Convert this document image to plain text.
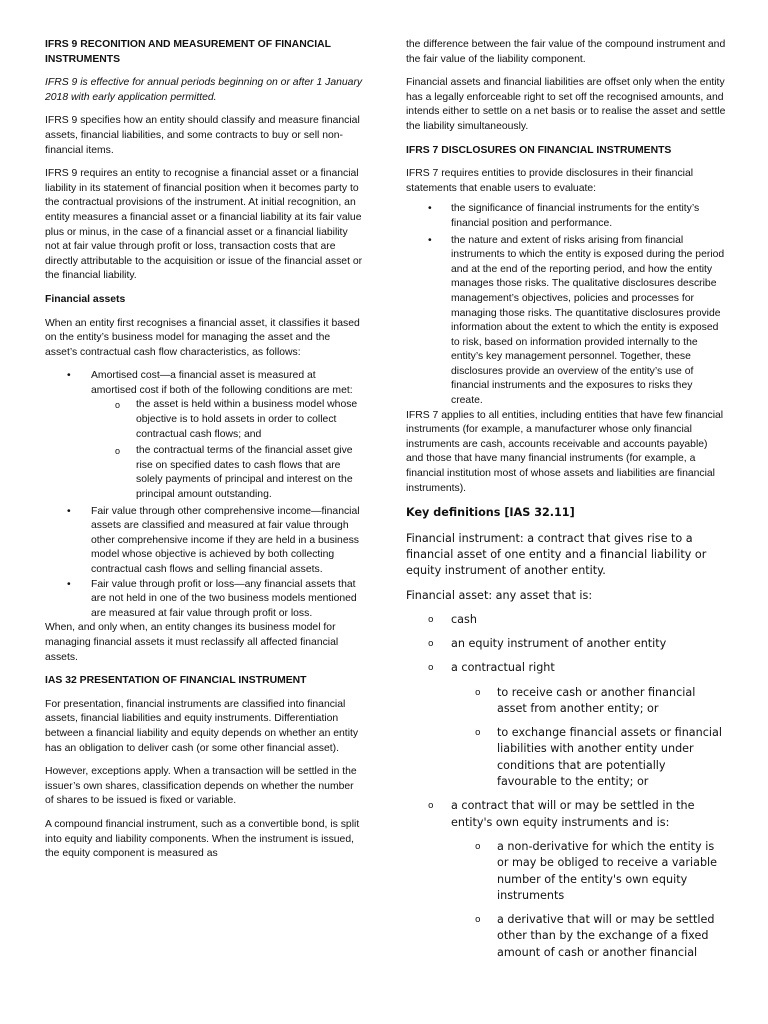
IFRS 9 RECONITION AND MEASUREMENT OF FINANCIAL INSTRUMENTS

IFRS 9 is effective for annual periods beginning on or after 1 January 2018 with early application permitted.

IFRS 9 specifies how an entity should classify and measure financial assets, financial liabilities, and some contracts to buy or sell non-financial items.

IFRS 9 requires an entity to recognise a financial asset or a financial liability in its statement of financial position when it becomes party to the contractual provisions of the instrument. At initial recognition, an entity measures a financial asset or a financial liability at its fair value plus or minus, in the case of a financial asset or a financial liability not at fair value through profit or loss, transaction costs that are directly attributable to the acquisition or issue of the financial asset or the financial liability.

Financial assets

When an entity first recognises a financial asset, it classifies it based on the entity’s business model for managing the asset and the asset’s contractual cash flow characteristics, as follows:

• Amortised cost—a financial asset is measured at amortised cost if both of the following conditions are met:
o the asset is held within a business model whose objective is to hold assets in order to collect contractual cash flows; and
o the contractual terms of the financial asset give rise on specified dates to cash flows that are solely payments of principal and interest on the principal amount outstanding.
• Fair value through other comprehensive income—financial assets are classified and measured at fair value through other comprehensive income if they are held in a business model whose objective is achieved by both collecting contractual cash flows and selling financial assets.
• Fair value through profit or loss—any financial assets that are not held in one of the two business models mentioned are measured at fair value through profit or loss.

When, and only when, an entity changes its business model for managing financial assets it must reclassify all affected financial assets.

IAS 32 PRESENTATION OF FINANCIAL INSTRUMENT

For presentation, financial instruments are classified into financial assets, financial liabilities and equity instruments. Differentiation between a financial liability and equity depends on whether an entity has an obligation to deliver cash (or some other financial asset).

However, exceptions apply. When a transaction will be settled in the issuer’s own shares, classification depends on whether the number of shares to be issued is fixed or variable.

A compound financial instrument, such as a convertible bond, is split into equity and liability components. When the instrument is issued, the equity component is measured as

the difference between the fair value of the compound instrument and the fair value of the liability component.

Financial assets and financial liabilities are offset only when the entity has a legally enforceable right to set off the recognised amounts, and intends either to settle on a net basis or to realise the asset and settle the liability simultaneously.

IFRS 7 DISCLOSURES ON FINANCIAL INSTRUMENTS

IFRS 7 requires entities to provide disclosures in their financial statements that enable users to evaluate:

• the significance of financial instruments for the entity’s financial position and performance.
• the nature and extent of risks arising from financial instruments to which the entity is exposed during the period and at the end of the reporting period, and how the entity manages those risks. The qualitative disclosures describe management’s objectives, policies and processes for managing those risks. The quantitative disclosures provide information about the extent to which the entity is exposed to risk, based on information provided internally to the entity’s key management personnel. Together, these disclosures provide an overview of the entity’s use of financial instruments and the exposures to risks they create.

IFRS 7 applies to all entities, including entities that have few financial instruments (for example, a manufacturer whose only financial instruments are cash, accounts receivable and accounts payable) and those that have many financial instruments (for example, a financial institution most of whose assets and liabilities are financial instruments).

Key definitions [IAS 32.11]

Financial instrument: a contract that gives rise to a financial asset of one entity and a financial liability or equity instrument of another entity.

Financial asset: any asset that is:

o cash
o an equity instrument of another entity
o a contractual right
o to receive cash or another financial asset from another entity; or
o to exchange financial assets or financial liabilities with another entity under conditions that are potentially favourable to the entity; or
o a contract that will or may be settled in the entity's own equity instruments and is:
o a non-derivative for which the entity is or may be obliged to receive a variable number of the entity's own equity instruments
o a derivative that will or may be settled other than by the exchange of a fixed amount of cash or another financial
